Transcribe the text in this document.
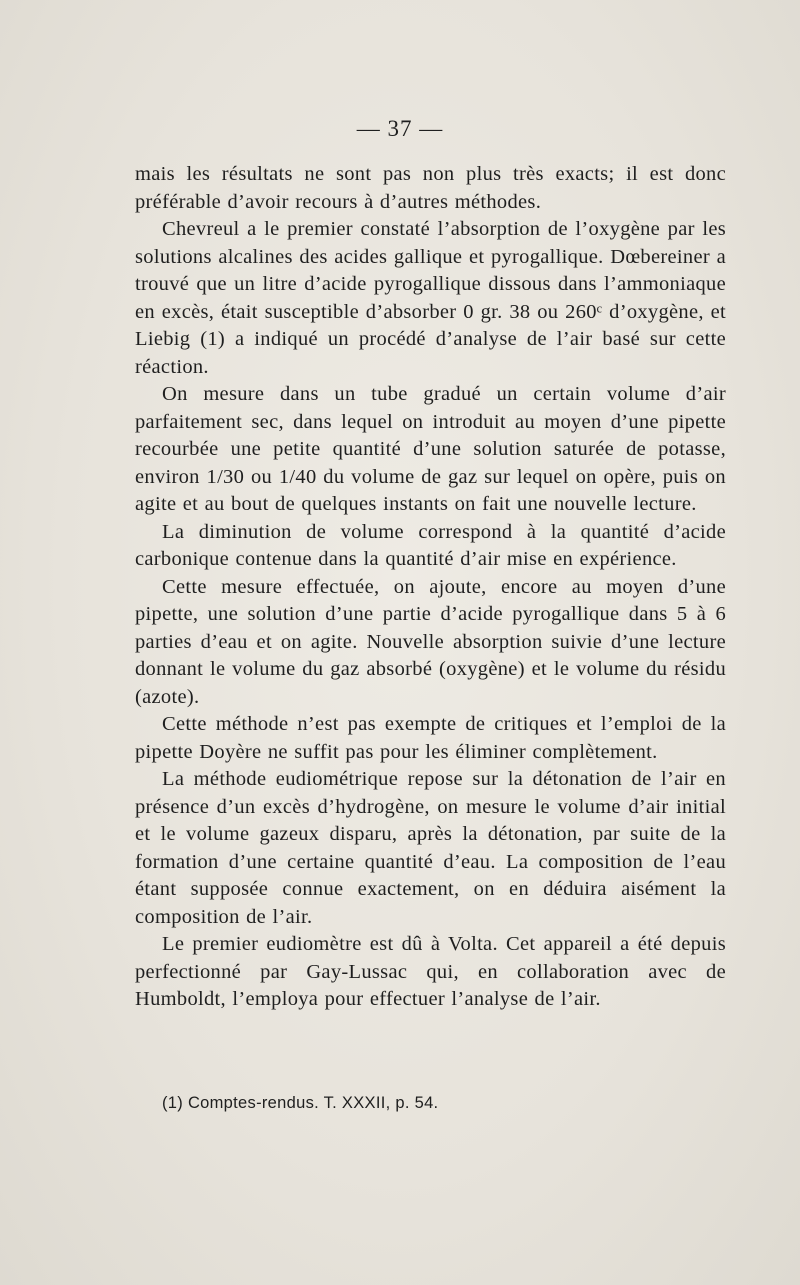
— 37 —

mais les résultats ne sont pas non plus très exacts; il est donc préférable d’avoir recours à d’autres méthodes.

Chevreul a le premier constaté l’absorption de l’oxygène par les solutions alcalines des acides gallique et pyrogallique. Dœbereiner a trouvé que un litre d’acide pyrogallique dissous dans l’ammoniaque en excès, était susceptible d’absorber 0 gr. 38 ou 260ᶜ d’oxygène, et Liebig (1) a indiqué un procédé d’analyse de l’air basé sur cette réaction.

On mesure dans un tube gradué un certain volume d’air parfaitement sec, dans lequel on introduit au moyen d’une pipette recourbée une petite quantité d’une solution saturée de potasse, environ 1/30 ou 1/40 du volume de gaz sur lequel on opère, puis on agite et au bout de quelques instants on fait une nouvelle lecture.

La diminution de volume correspond à la quantité d’acide carbonique contenue dans la quantité d’air mise en expérience.

Cette mesure effectuée, on ajoute, encore au moyen d’une pipette, une solution d’une partie d’acide pyrogallique dans 5 à 6 parties d’eau et on agite. Nouvelle absorption suivie d’une lecture donnant le volume du gaz absorbé (oxygène) et le volume du résidu (azote).

Cette méthode n’est pas exempte de critiques et l’emploi de la pipette Doyère ne suffit pas pour les éliminer complètement.

La méthode eudiométrique repose sur la détonation de l’air en présence d’un excès d’hydrogène, on mesure le volume d’air initial et le volume gazeux disparu, après la détonation, par suite de la formation d’une certaine quantité d’eau. La composition de l’eau étant supposée connue exactement, on en déduira aisément la composition de l’air.

Le premier eudiomètre est dû à Volta. Cet appareil a été depuis perfectionné par Gay-Lussac qui, en collaboration avec de Humboldt, l’employa pour effectuer l’analyse de l’air.

(1) Comptes-rendus. T. XXXII, p. 54.
